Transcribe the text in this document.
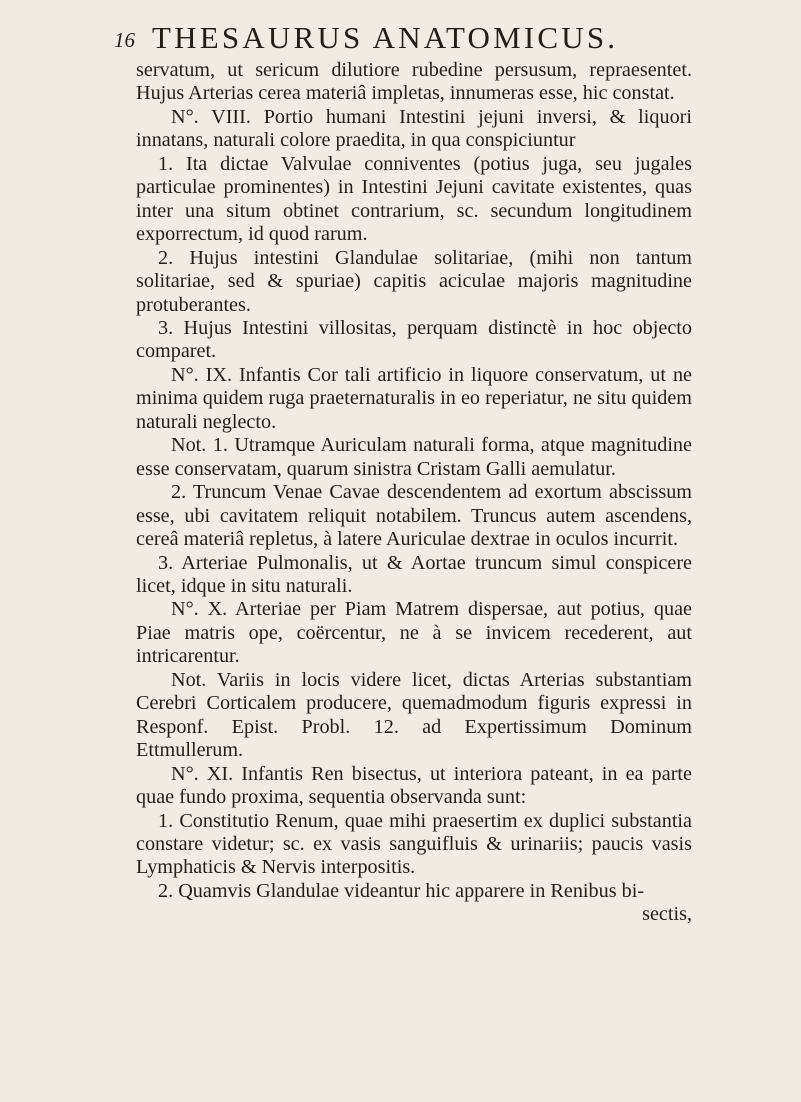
16 THESAURUS ANATOMICUS.

servatum, ut sericum dilutiore rubedine persusum, repraesentet. Hujus Arterias cerea materiâ impletas, innumeras esse, hic constat.

N°. VIII. Portio humani Intestini jejuni inversi, & liquori innatans, naturali colore praedita, in qua conspiciuntur

1. Ita dictae Valvulae conniventes (potius juga, seu jugales particulae prominentes) in Intestini Jejuni cavitate existentes, quas inter una situm obtinet contrarium, sc. secundum longitudinem exporrectum, id quod rarum.

2. Hujus intestini Glandulae solitariae, (mihi non tantum solitariae, sed & spuriae) capitis aciculae majoris magnitudine protuberantes.

3. Hujus Intestini villositas, perquam distinctè in hoc objecto comparet.

N°. IX. Infantis Cor tali artificio in liquore conservatum, ut ne minima quidem ruga praeternaturalis in eo reperiatur, ne situ quidem naturali neglecto.

Not. 1. Utramque Auriculam naturali forma, atque magnitudine esse conservatam, quarum sinistra Cristam Galli aemulatur.

2. Truncum Venae Cavae descendentem ad exortum abscissum esse, ubi cavitatem reliquit notabilem. Truncus autem ascendens, cereâ materiâ repletus, à latere Auriculae dextrae in oculos incurrit.

3. Arteriae Pulmonalis, ut & Aortae truncum simul conspicere licet, idque in situ naturali.

N°. X. Arteriae per Piam Matrem dispersae, aut potius, quae Piae matris ope, coërcentur, ne à se invicem recederent, aut intricarentur.

Not. Variis in locis videre licet, dictas Arterias substantiam Cerebri Corticalem producere, quemadmodum figuris expressi in Responf. Epist. Probl. 12. ad Expertissimum Dominum Ettmullerum.

N°. XI. Infantis Ren bisectus, ut interiora pateant, in ea parte quae fundo proxima, sequentia observanda sunt:

1. Constitutio Renum, quae mihi praesertim ex duplici substantia constare videtur; sc. ex vasis sanguifluis & urinariis; paucis vasis Lymphaticis & Nervis interpositis.

2. Quamvis Glandulae videantur hic apparere in Renibus bi-

sectis,
